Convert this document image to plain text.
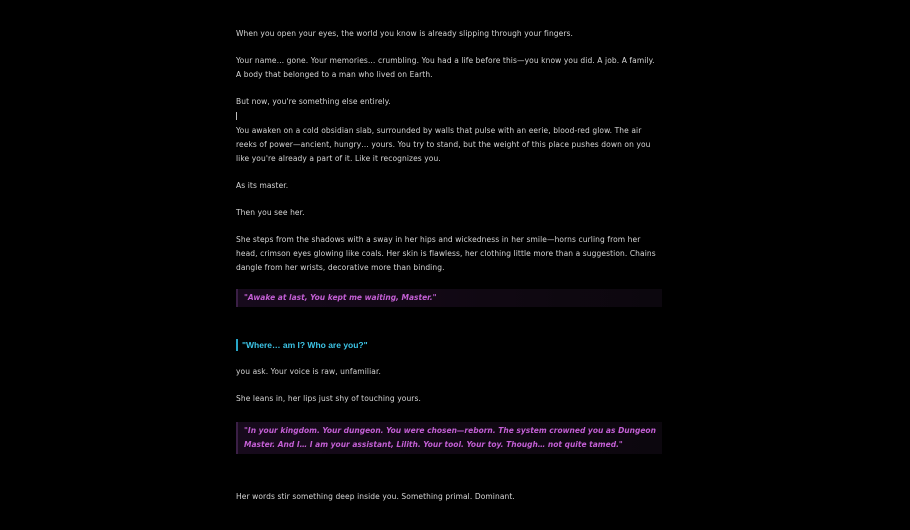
When you open your eyes, the world you know is already slipping through your fingers.

Your name… gone. Your memories… crumbling. You had a life before this—you know you did. A job. A family. A body that belonged to a man who lived on Earth.

But now, you're something else entirely.

You awaken on a cold obsidian slab, surrounded by walls that pulse with an eerie, blood-red glow. The air reeks of power—ancient, hungry… yours. You try to stand, but the weight of this place pushes down on you like you're already a part of it. Like it recognizes you.

As its master.

Then you see her.

She steps from the shadows with a sway in her hips and wickedness in her smile—horns curling from her head, crimson eyes glowing like coals. Her skin is flawless, her clothing little more than a suggestion. Chains dangle from her wrists, decorative more than binding.

"Awake at last, You kept me waiting, Master."
"Where… am I? Who are you?"

you ask. Your voice is raw, unfamiliar.

She leans in, her lips just shy of touching yours.

"In your kingdom. Your dungeon. You were chosen—reborn. The system crowned you as Dungeon Master. And I… I am your assistant, Lilith. Your tool. Your toy. Though… not quite tamed."

Her words stir something deep inside you. Something primal. Dominant.
